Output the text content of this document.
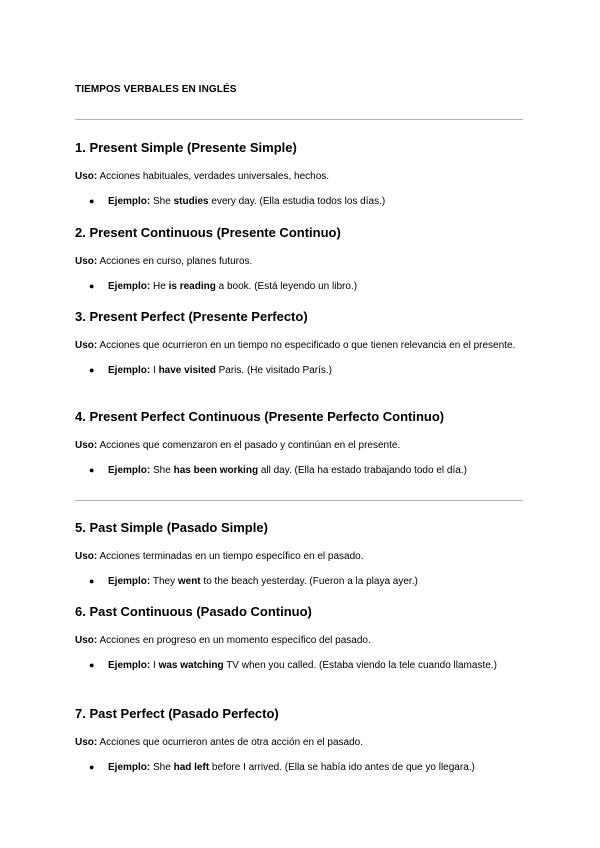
TIEMPOS VERBALES EN INGLÉS
1. Present Simple (Presente Simple)

Uso: Acciones habituales, verdades universales, hechos.

● Ejemplo: She studies every day. (Ella estudia todos los días.)
2. Present Continuous (Presente Continuo)

Uso: Acciones en curso, planes futuros.

● Ejemplo: He is reading a book. (Está leyendo un libro.)
3. Present Perfect (Presente Perfecto)

Uso: Acciones que ocurrieron en un tiempo no especificado o que tienen relevancia en el presente.

● Ejemplo: I have visited Paris. (He visitado París.)
4. Present Perfect Continuous (Presente Perfecto Continuo)

Uso: Acciones que comenzaron en el pasado y continúan en el presente.

● Ejemplo: She has been working all day. (Ella ha estado trabajando todo el día.)
5. Past Simple (Pasado Simple)

Uso: Acciones terminadas en un tiempo específico en el pasado.

● Ejemplo: They went to the beach yesterday. (Fueron a la playa ayer.)
6. Past Continuous (Pasado Continuo)

Uso: Acciones en progreso en un momento específico del pasado.

● Ejemplo: I was watching TV when you called. (Estaba viendo la tele cuando llamaste.)
7. Past Perfect (Pasado Perfecto)

Uso: Acciones que ocurrieron antes de otra acción en el pasado.

● Ejemplo: She had left before I arrived. (Ella se había ido antes de que yo llegara.)
